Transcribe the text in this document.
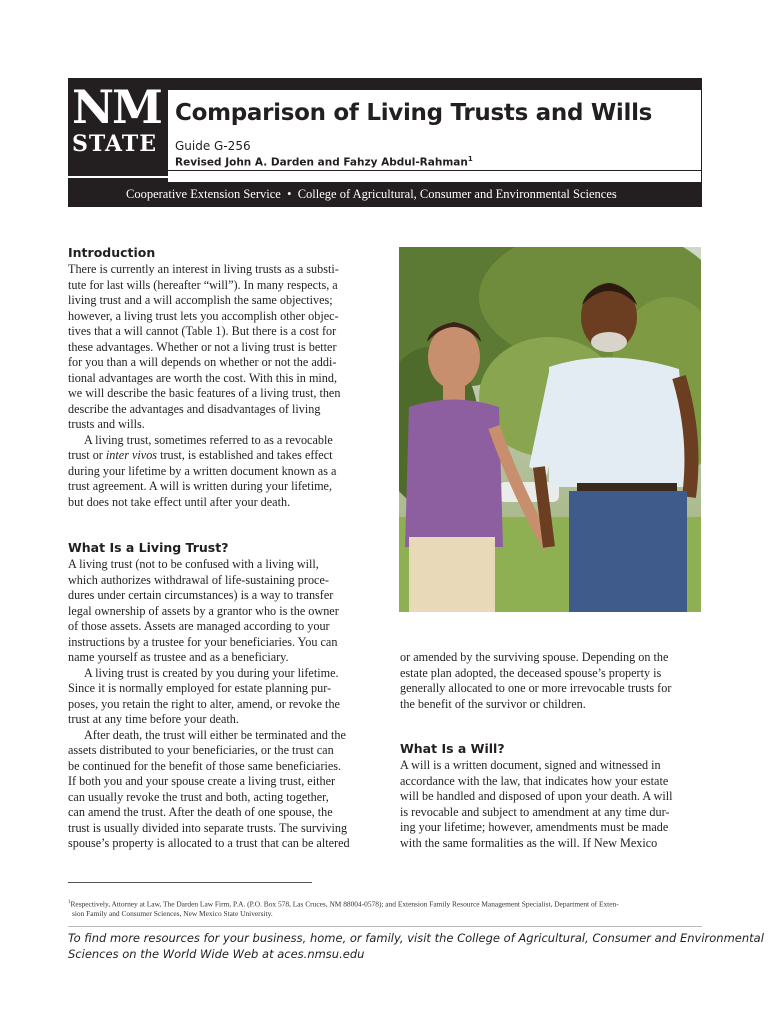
NM
STATE
Comparison of Living Trusts and Wills
Guide G-256
Revised John A. Darden and Fahzy Abdul-Rahman$^1$
Cooperative Extension Service • College of Agricultural, Consumer and Environmental Sciences
Introduction
There is currently an interest in living trusts as a substi-
tute for last wills (hereafter “will”). In many respects, a
living trust and a will accomplish the same objectives;
however, a living trust lets you accomplish other objec-
tives that a will cannot (Table 1). But there is a cost for
these advantages. Whether or not a living trust is better
for you than a will depends on whether or not the addi-
tional advantages are worth the cost. With this in mind,
we will describe the basic features of a living trust, then
describe the advantages and disadvantages of living
trusts and wills.
A living trust, sometimes referred to as a revocable
trust or inter vivos trust, is established and takes effect
during your lifetime by a written document known as a
trust agreement. A will is written during your lifetime,
but does not take effect until after your death.
What Is a Living Trust?
A living trust (not to be confused with a living will,
which authorizes withdrawal of life-sustaining proce-
dures under certain circumstances) is a way to transfer
legal ownership of assets by a grantor who is the owner
of those assets. Assets are managed according to your
instructions by a trustee for your beneficiaries. You can
name yourself as trustee and as a beneficiary.
A living trust is created by you during your lifetime.
Since it is normally employed for estate planning pur-
poses, you retain the right to alter, amend, or revoke the
trust at any time before your death.
After death, the trust will either be terminated and the
assets distributed to your beneficiaries, or the trust can
be continued for the benefit of those same beneficiaries.
If both you and your spouse create a living trust, either
can usually revoke the trust and both, acting together,
can amend the trust. After the death of one spouse, the
trust is usually divided into separate trusts. The surviving
spouse’s property is allocated to a trust that can be altered
or amended by the surviving spouse. Depending on the
estate plan adopted, the deceased spouse’s property is
generally allocated to one or more irrevocable trusts for
the benefit of the survivor or children.
What Is a Will?
A will is a written document, signed and witnessed in
accordance with the law, that indicates how your estate
will be handled and disposed of upon your death. A will
is revocable and subject to amendment at any time dur-
ing your lifetime; however, amendments must be made
with the same formalities as the will. If New Mexico
$^1$Respectively, Attorney at Law, The Darden Law Firm, P.A. (P.O. Box 578, Las Cruces, NM 88004-0578); and Extension Family Resource Management Specialist, Department of Exten-
sion Family and Consumer Sciences, New Mexico State University.
To find more resources for your business, home, or family, visit the College of Agricultural, Consumer and Environmental
Sciences on the World Wide Web at aces.nmsu.edu
